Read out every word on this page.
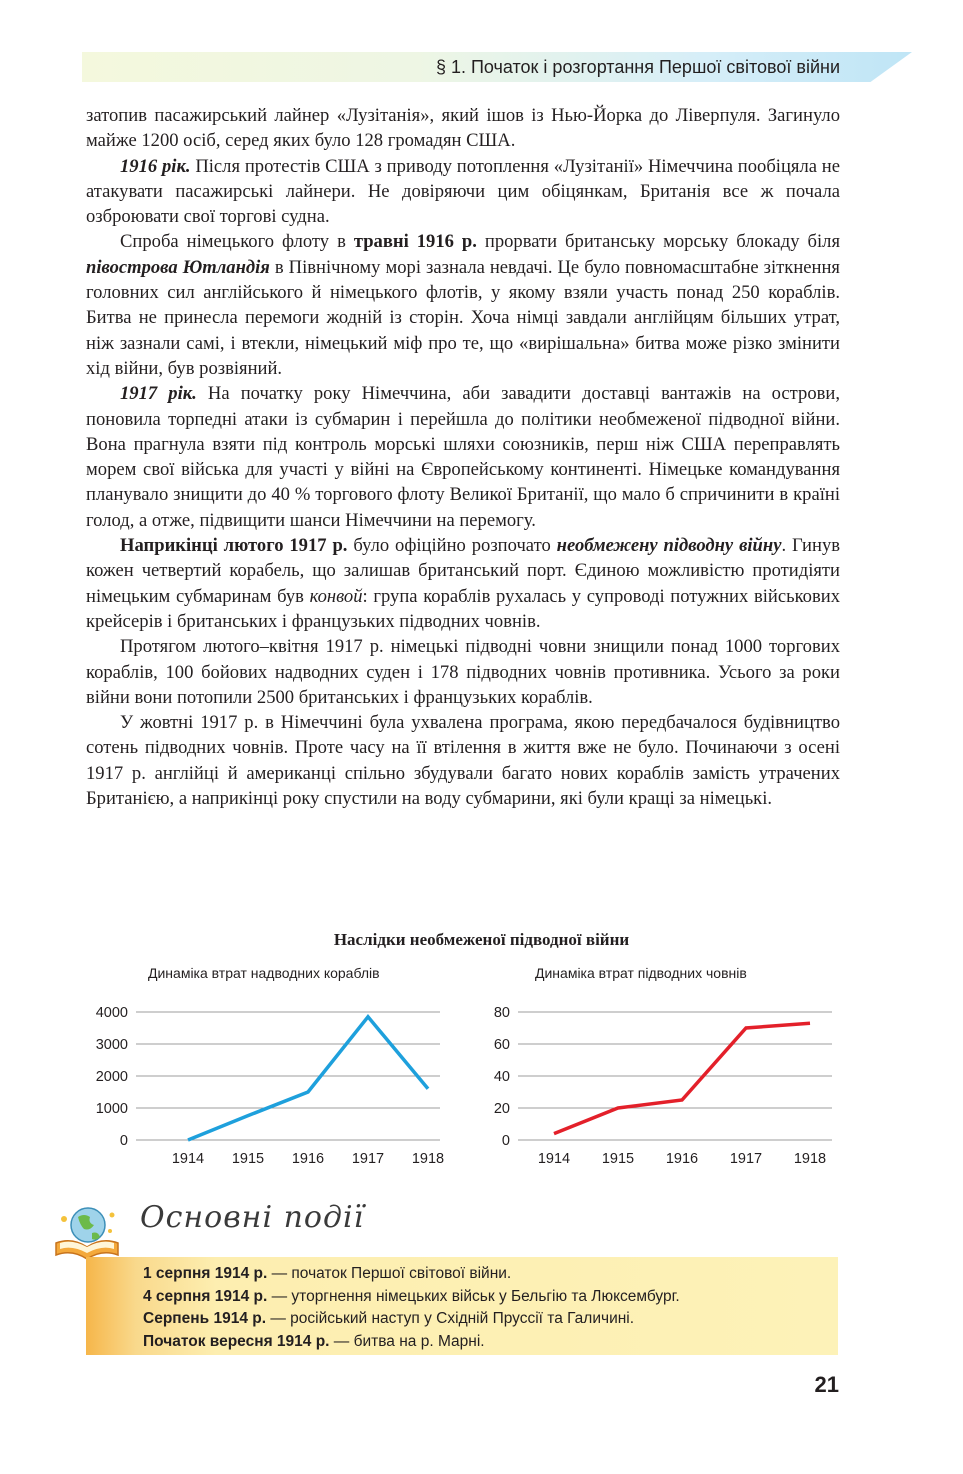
§ 1. Початок і розгортання Першої світової війни

затопив пасажирський лайнер «Лузітанія», який ішов із Нью-Йорка до Ліверпуля. Загинуло майже 1200 осіб, серед яких було 128 громадян США.

1916 рік. Після протестів США з приводу потоплення «Лузітанії» Німеччина пообіцяла не атакувати пасажирські лайнери. Не довіряючи цим обіцянкам, Британія все ж почала озброювати свої торгові судна.

Спроба німецького флоту в травні 1916 р. прорвати британську морську блокаду біля півострова Ютландія в Північному морі зазнала невдачі. Це було повномасштабне зіткнення головних сил англійського й німецького флотів, у якому взяли участь понад 250 кораблів. Битва не принесла перемоги жодній із сторін. Хоча німці завдали англійцям більших утрат, ніж зазнали самі, і втекли, німецький міф про те, що «вирішальна» битва може різко змінити хід війни, був розвіяний.

1917 рік. На початку року Німеччина, аби завадити доставці вантажів на острови, поновила торпедні атаки із субмарин і перейшла до політики необмеженої підводної війни. Вона прагнула взяти під контроль морські шляхи союзників, перш ніж США переправлять морем свої війська для участі у війні на Європейському континенті. Німецьке командування планувало знищити до 40 % торгового флоту Великої Британії, що мало б спричинити в країні голод, а отже, підвищити шанси Німеччини на перемогу.

Наприкінці лютого 1917 р. було офіційно розпочато необмежену підводну війну. Гинув кожен четвертий корабель, що залишав британський порт. Єдиною можливістю протидіяти німецьким субмаринам був конвой: група кораблів рухалась у супроводі потужних військових крейсерів і британських і французьких підводних човнів.

Протягом лютого–квітня 1917 р. німецькі підводні човни знищили понад 1000 торгових кораблів, 100 бойових надводних суден і 178 підводних човнів противника. Усього за роки війни вони потопили 2500 британських і французьких кораблів.

У жовтні 1917 р. в Німеччині була ухвалена програма, якою передбачалося будівництво сотень підводних човнів. Проте часу на її втілення в життя вже не було. Починаючи з осені 1917 р. англійці й американці спільно збудували багато нових кораблів замість утрачених Британією, а наприкінці року спустили на воду субмарини, які були кращі за німецькі.

Наслідки необмеженої підводної війни
Динаміка втрат надводних кораблів
0
1000
2000
3000
4000
1914 1915 1916 1917 1918
Динаміка втрат підводних човнів
0
20
40
60
80
1914 1915 1916 1917 1918
Основні події
1 серпня 1914 р. — початок Першої світової війни.
4 серпня 1914 р. — уторгнення німецьких військ у Бельгію та Люксембург.
Серпень 1914 р. — російський наступ у Східній Пруссії та Галичині.
Початок вересня 1914 р. — битва на р. Марні.
21
